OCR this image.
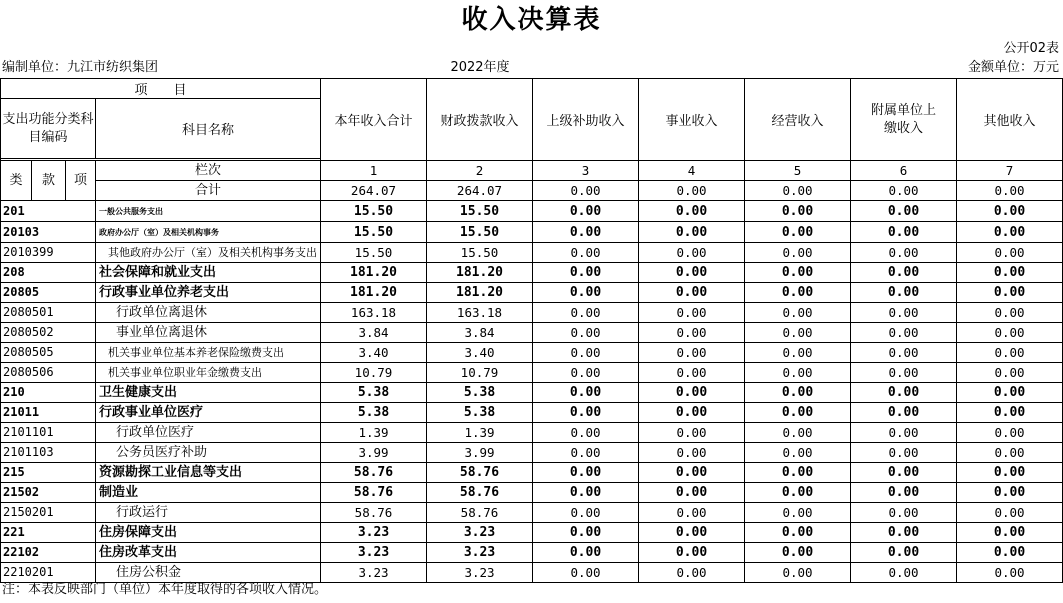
收入决算表
公开02表
编制单位：九江市纺织集团	2022年度	金额单位：万元
项　　目				本年收入合计	财政拨款收入	上级补助收入	事业收入	经营收入	附属单位上缴收入	其他收入
支出功能分类科目编码			科目名称							

类	款	项	栏次	1	2	3	4	5	6	7
			合计	264.07	264.07	0.00	0.00	0.00	0.00	0.00
201			一般公共服务支出	15.50	15.50	0.00	0.00	0.00	0.00	0.00
20103			政府办公厅（室）及相关机构事务	15.50	15.50	0.00	0.00	0.00	0.00	0.00
2010399			其他政府办公厅（室）及相关机构事务支出	15.50	15.50	0.00	0.00	0.00	0.00	0.00
208			社会保障和就业支出	181.20	181.20	0.00	0.00	0.00	0.00	0.00
20805			行政事业单位养老支出	181.20	181.20	0.00	0.00	0.00	0.00	0.00
2080501			行政单位离退休	163.18	163.18	0.00	0.00	0.00	0.00	0.00
2080502			事业单位离退休	3.84	3.84	0.00	0.00	0.00	0.00	0.00
2080505			机关事业单位基本养老保险缴费支出	3.40	3.40	0.00	0.00	0.00	0.00	0.00
2080506			机关事业单位职业年金缴费支出	10.79	10.79	0.00	0.00	0.00	0.00	0.00
210			卫生健康支出	5.38	5.38	0.00	0.00	0.00	0.00	0.00
21011			行政事业单位医疗	5.38	5.38	0.00	0.00	0.00	0.00	0.00
2101101			行政单位医疗	1.39	1.39	0.00	0.00	0.00	0.00	0.00
2101103			公务员医疗补助	3.99	3.99	0.00	0.00	0.00	0.00	0.00
215			资源勘探工业信息等支出	58.76	58.76	0.00	0.00	0.00	0.00	0.00
21502			制造业	58.76	58.76	0.00	0.00	0.00	0.00	0.00
2150201			行政运行	58.76	58.76	0.00	0.00	0.00	0.00	0.00
221			住房保障支出	3.23	3.23	0.00	0.00	0.00	0.00	0.00
22102			住房改革支出	3.23	3.23	0.00	0.00	0.00	0.00	0.00
2210201			住房公积金	3.23	3.23	0.00	0.00	0.00	0.00	0.00
注：本表反映部门（单位）本年度取得的各项收入情况。
